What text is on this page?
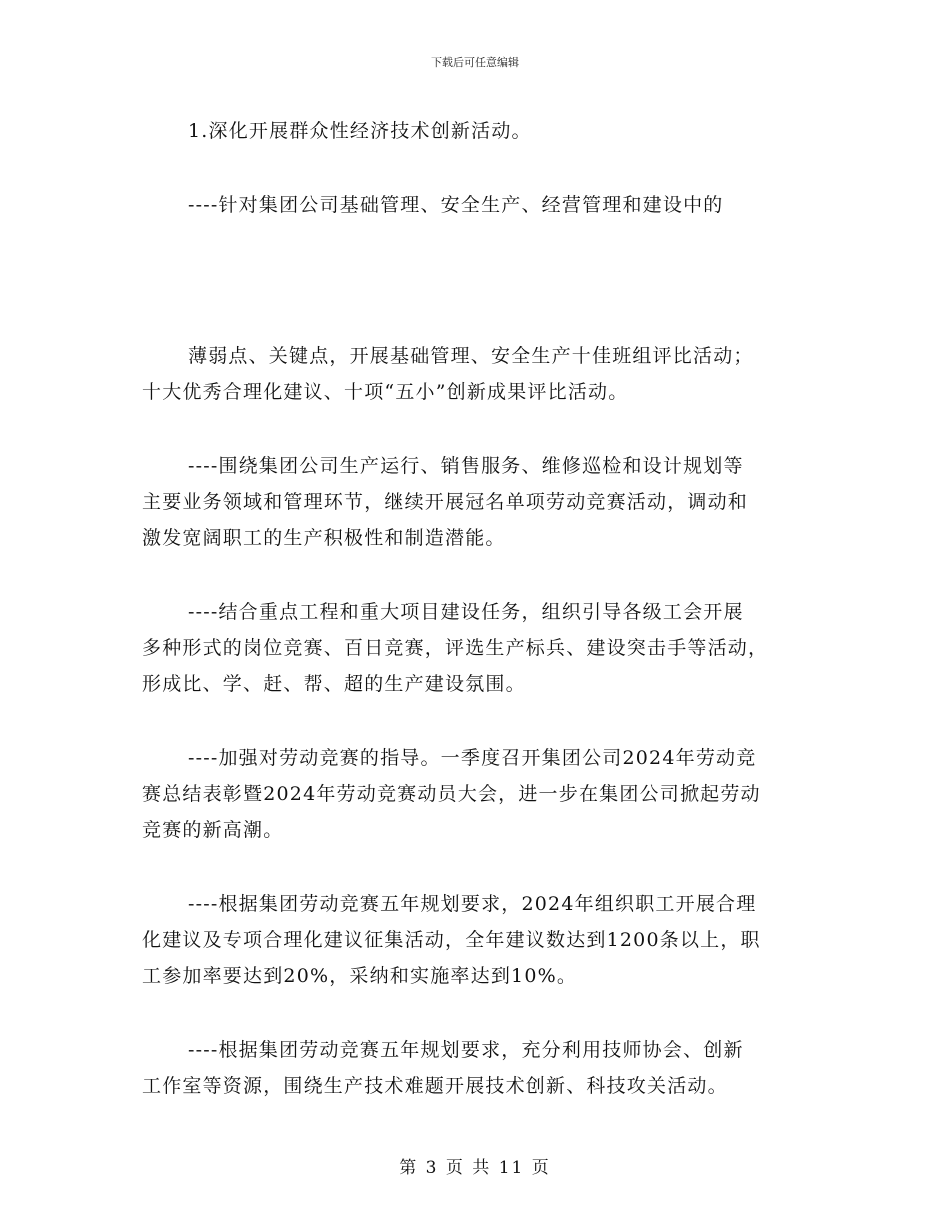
下载后可任意编辑
1.深化开展群众性经济技术创新活动。
----针对集团公司基础管理、安全生产、经营管理和建设中的
薄弱点、关键点，开展基础管理、安全生产十佳班组评比活动；
十大优秀合理化建议、十项“五小”创新成果评比活动。
----围绕集团公司生产运行、销售服务、维修巡检和设计规划等
主要业务领域和管理环节，继续开展冠名单项劳动竞赛活动，调动和
激发宽阔职工的生产积极性和制造潜能。
----结合重点工程和重大项目建设任务，组织引导各级工会开展
多种形式的岗位竞赛、百日竞赛，评选生产标兵、建设突击手等活动，
形成比、学、赶、帮、超的生产建设氛围。
----加强对劳动竞赛的指导。一季度召开集团公司2024年劳动竞
赛总结表彰暨2024年劳动竞赛动员大会，进一步在集团公司掀起劳动
竞赛的新高潮。
----根据集团劳动竞赛五年规划要求，2024年组织职工开展合理
化建议及专项合理化建议征集活动，全年建议数达到1200条以上，职
工参加率要达到20%，采纳和实施率达到10%。
----根据集团劳动竞赛五年规划要求，充分利用技师协会、创新
工作室等资源，围绕生产技术难题开展技术创新、科技攻关活动。
第 3 页 共 11 页
